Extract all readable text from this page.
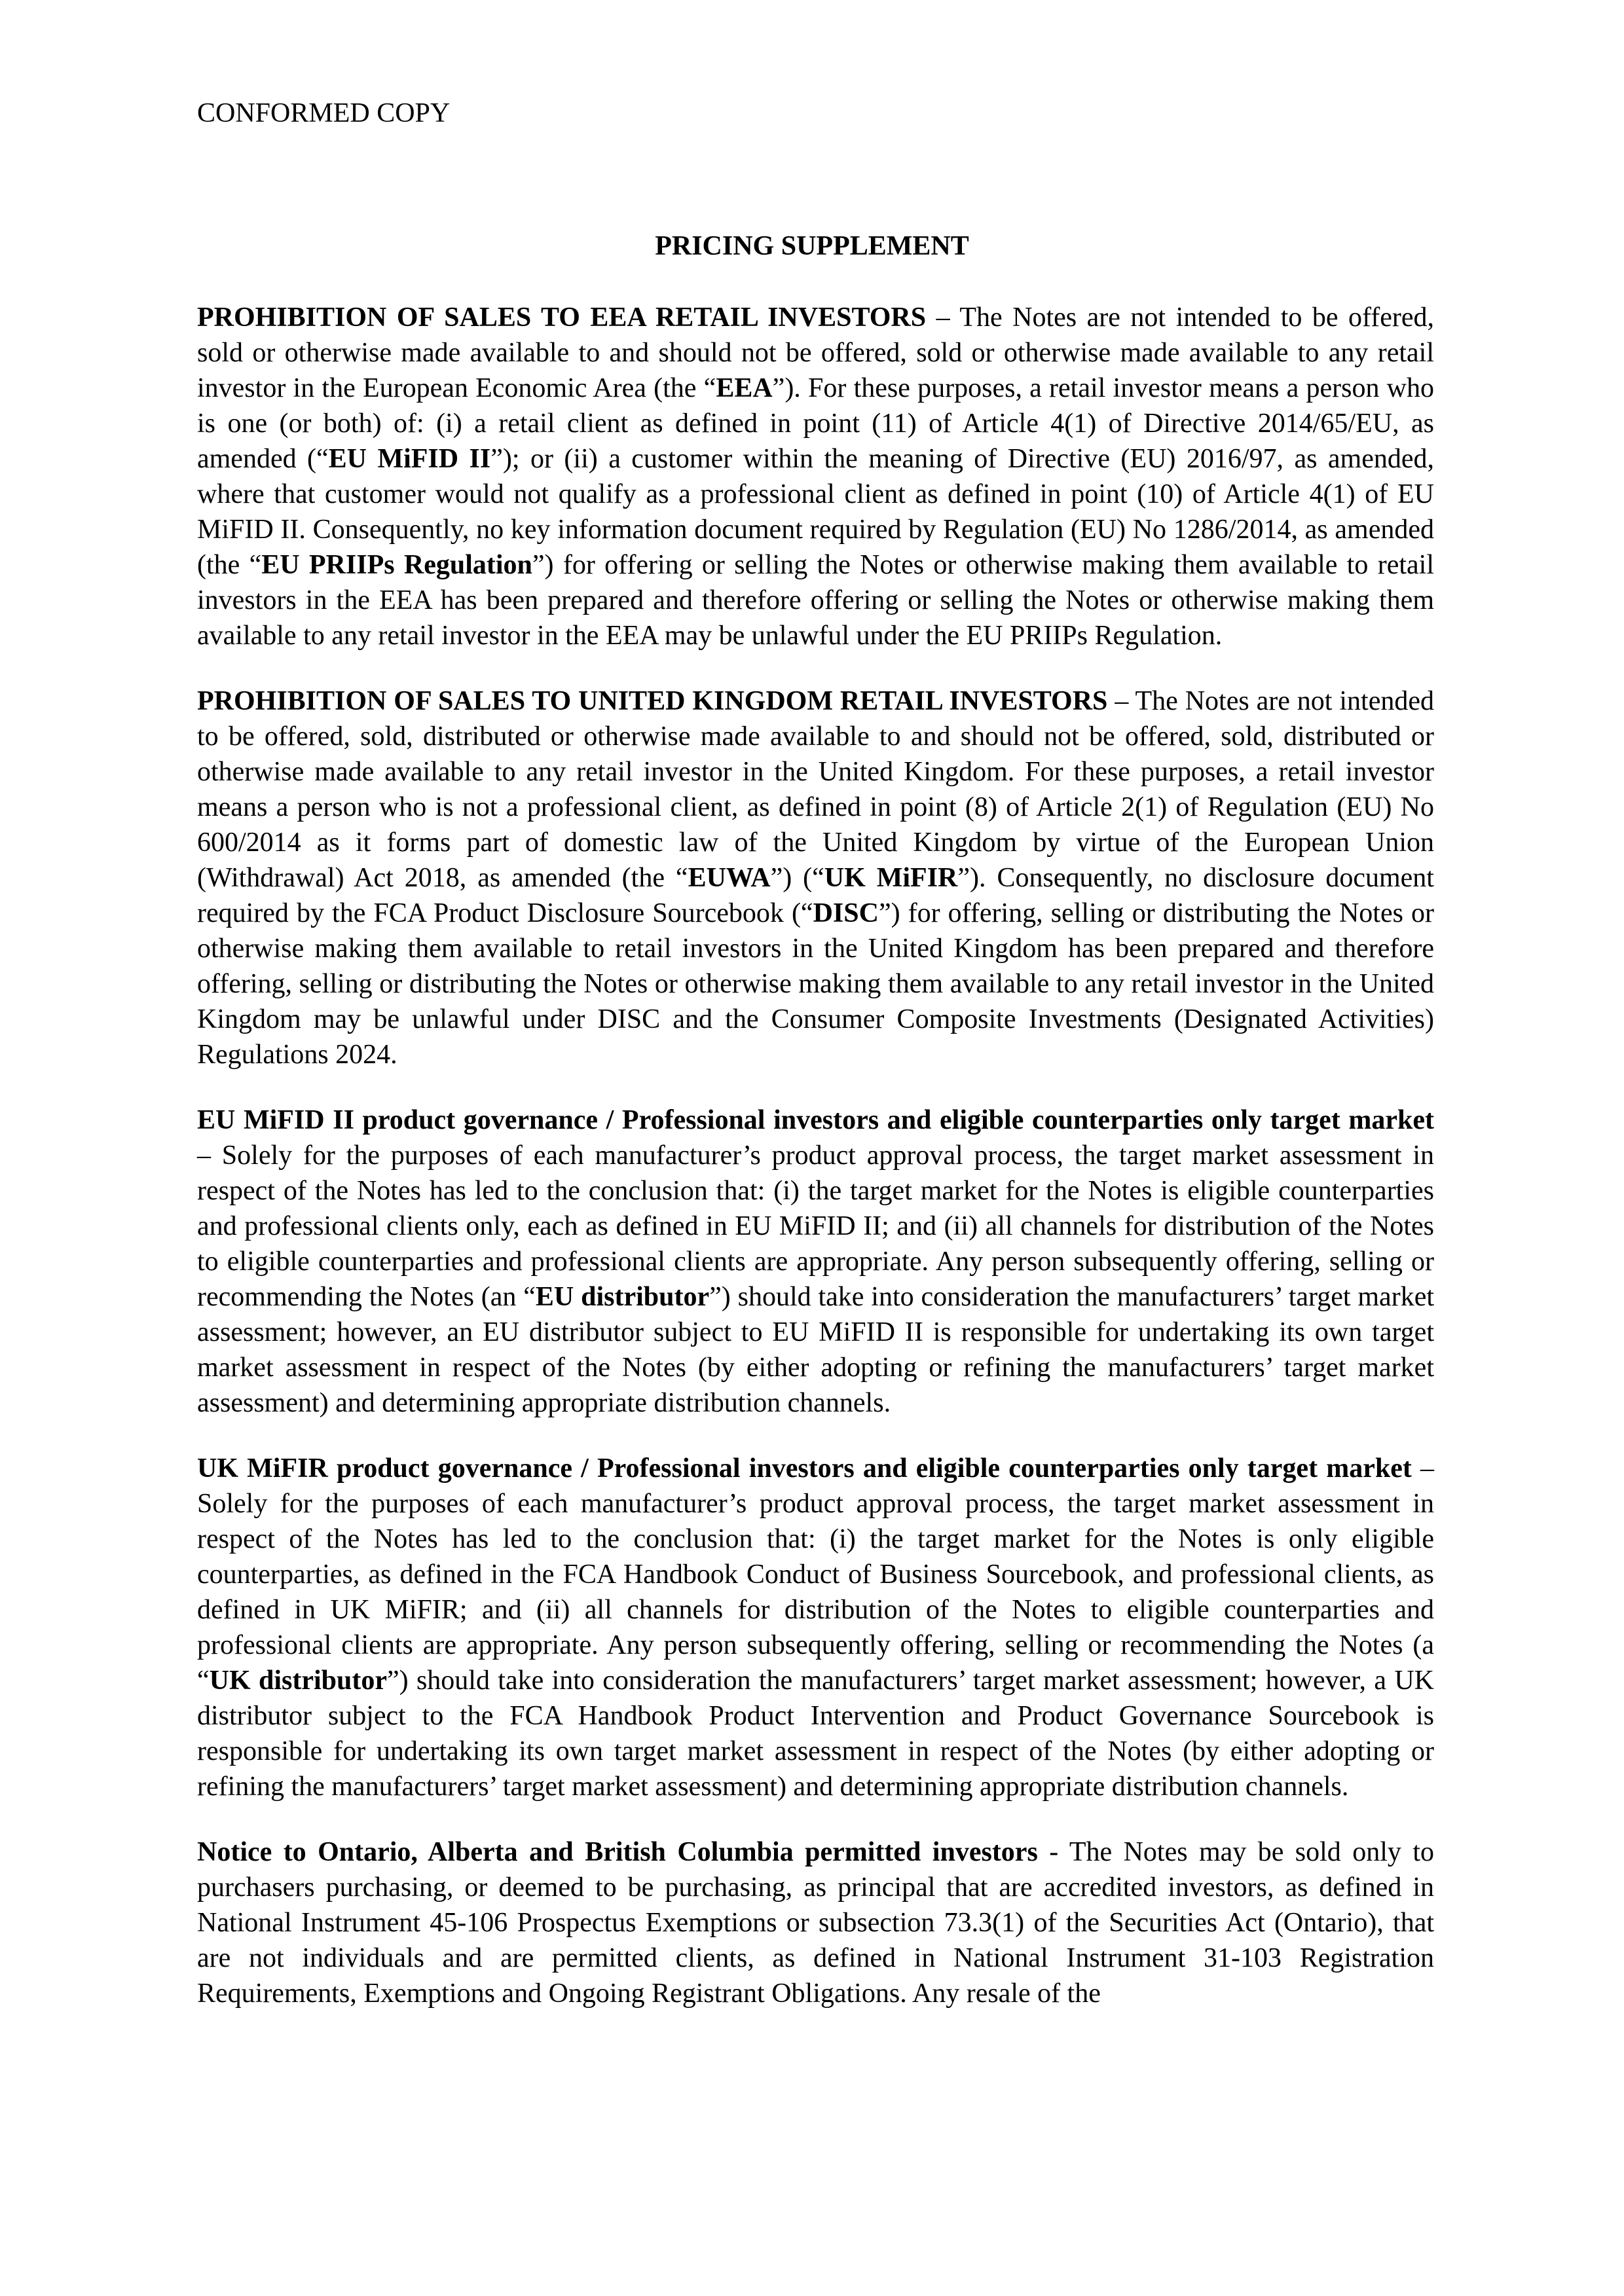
CONFORMED COPY
PRICING SUPPLEMENT

PROHIBITION OF SALES TO EEA RETAIL INVESTORS – The Notes are not intended to be offered, sold or otherwise made available to and should not be offered, sold or otherwise made available to any retail investor in the European Economic Area (the “EEA”). For these purposes, a retail investor means a person who is one (or both) of: (i) a retail client as defined in point (11) of Article 4(1) of Directive 2014/65/EU, as amended (“EU MiFID II”); or (ii) a customer within the meaning of Directive (EU) 2016/97, as amended, where that customer would not qualify as a professional client as defined in point (10) of Article 4(1) of EU MiFID II. Consequently, no key information document required by Regulation (EU) No 1286/2014, as amended (the “EU PRIIPs Regulation”) for offering or selling the Notes or otherwise making them available to retail investors in the EEA has been prepared and therefore offering or selling the Notes or otherwise making them available to any retail investor in the EEA may be unlawful under the EU PRIIPs Regulation.

PROHIBITION OF SALES TO UNITED KINGDOM RETAIL INVESTORS – The Notes are not intended to be offered, sold, distributed or otherwise made available to and should not be offered, sold, distributed or otherwise made available to any retail investor in the United Kingdom. For these purposes, a retail investor means a person who is not a professional client, as defined in point (8) of Article 2(1) of Regulation (EU) No 600/2014 as it forms part of domestic law of the United Kingdom by virtue of the European Union (Withdrawal) Act 2018, as amended (the “EUWA”) (“UK MiFIR”). Consequently, no disclosure document required by the FCA Product Disclosure Sourcebook (“DISC”) for offering, selling or distributing the Notes or otherwise making them available to retail investors in the United Kingdom has been prepared and therefore offering, selling or distributing the Notes or otherwise making them available to any retail investor in the United Kingdom may be unlawful under DISC and the Consumer Composite Investments (Designated Activities) Regulations 2024.

EU MiFID II product governance / Professional investors and eligible counterparties only target market – Solely for the purposes of each manufacturer’s product approval process, the target market assessment in respect of the Notes has led to the conclusion that: (i) the target market for the Notes is eligible counterparties and professional clients only, each as defined in EU MiFID II; and (ii) all channels for distribution of the Notes to eligible counterparties and professional clients are appropriate. Any person subsequently offering, selling or recommending the Notes (an “EU distributor”) should take into consideration the manufacturers’ target market assessment; however, an EU distributor subject to EU MiFID II is responsible for undertaking its own target market assessment in respect of the Notes (by either adopting or refining the manufacturers’ target market assessment) and determining appropriate distribution channels.

UK MiFIR product governance / Professional investors and eligible counterparties only target market – Solely for the purposes of each manufacturer’s product approval process, the target market assessment in respect of the Notes has led to the conclusion that: (i) the target market for the Notes is only eligible counterparties, as defined in the FCA Handbook Conduct of Business Sourcebook, and professional clients, as defined in UK MiFIR; and (ii) all channels for distribution of the Notes to eligible counterparties and professional clients are appropriate. Any person subsequently offering, selling or recommending the Notes (a “UK distributor”) should take into consideration the manufacturers’ target market assessment; however, a UK distributor subject to the FCA Handbook Product Intervention and Product Governance Sourcebook is responsible for undertaking its own target market assessment in respect of the Notes (by either adopting or refining the manufacturers’ target market assessment) and determining appropriate distribution channels.

Notice to Ontario, Alberta and British Columbia permitted investors - The Notes may be sold only to purchasers purchasing, or deemed to be purchasing, as principal that are accredited investors, as defined in National Instrument 45-106 Prospectus Exemptions or subsection 73.3(1) of the Securities Act (Ontario), that are not individuals and are permitted clients, as defined in National Instrument 31-103 Registration Requirements, Exemptions and Ongoing Registrant Obligations. Any resale of the
